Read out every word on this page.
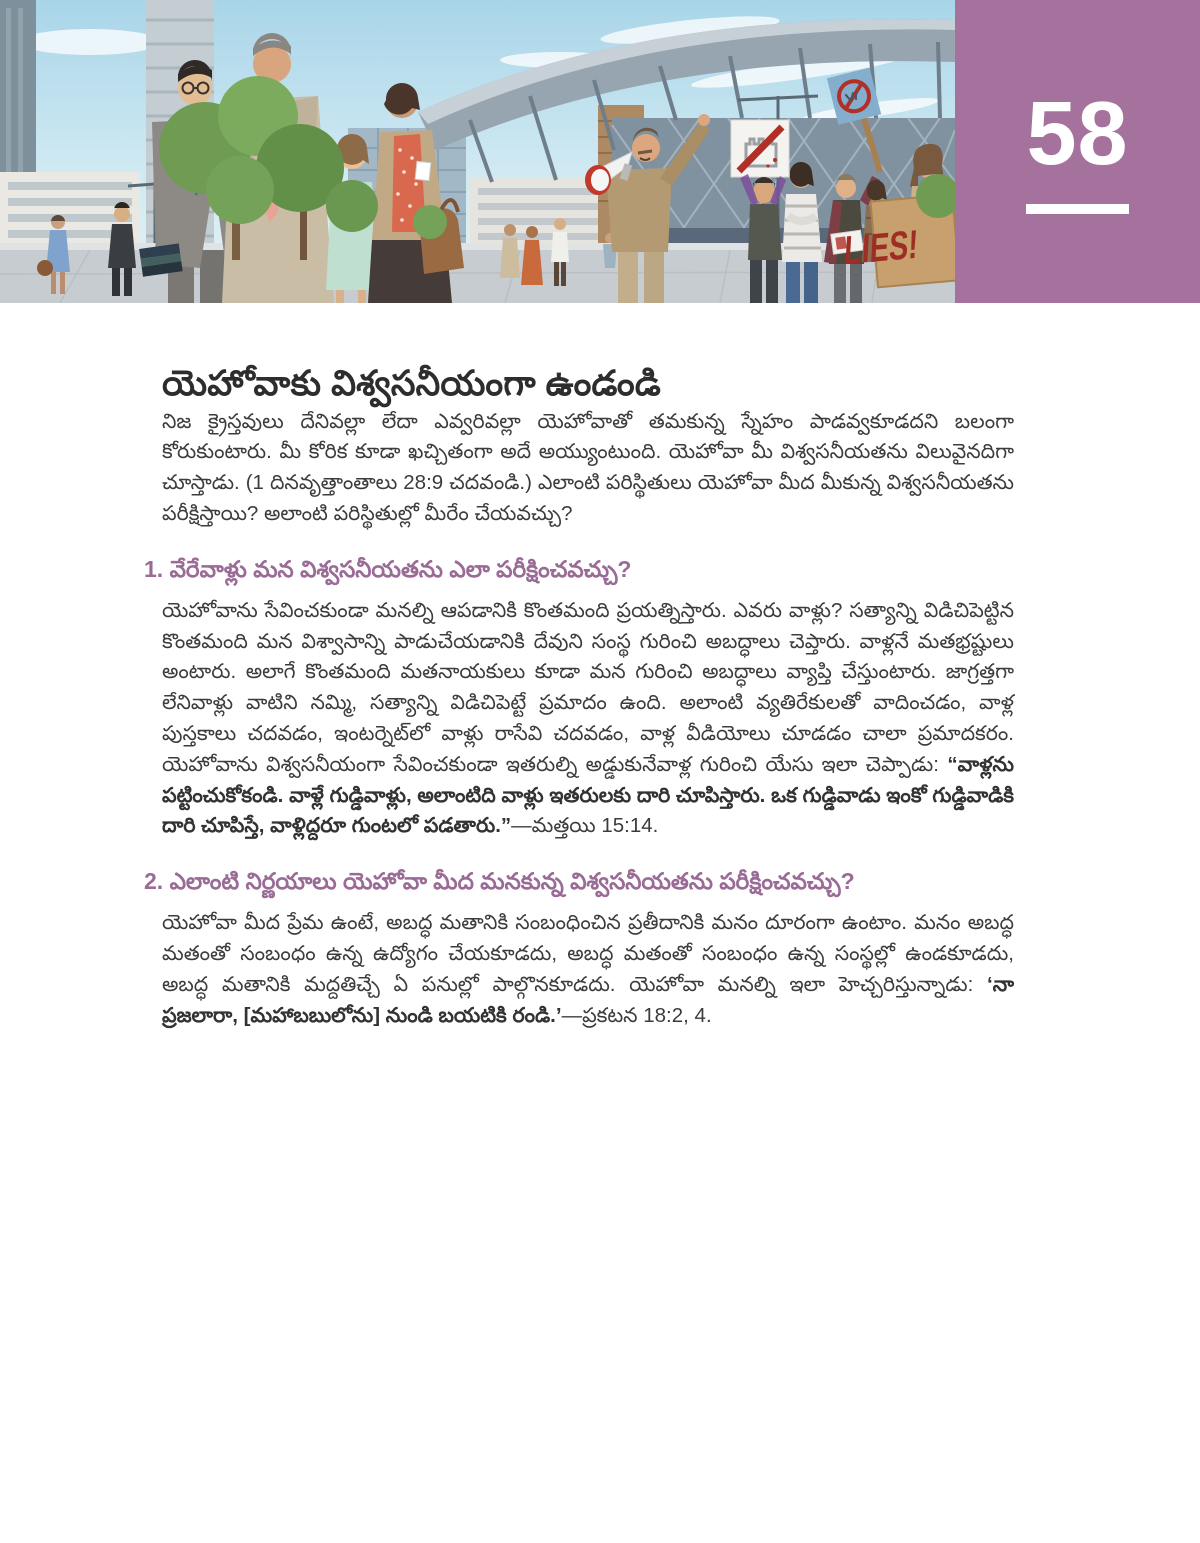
LIES!
58
యెహోవాకు విశ్వసనీయంగా ఉండండి

నిజ క్రైస్తవులు దేనివల్లా లేదా ఎవ్వరివల్లా యెహోవాతో తమకున్న స్నేహం పాడవ్వకూడదని బలంగా కోరుకుంటారు. మీ కోరిక కూడా ఖచ్చితంగా అదే అయ్యుంటుంది. యెహోవా మీ విశ్వసనీయతను విలువైనదిగా చూస్తాడు. (1 దినవృత్తాంతాలు 28:9 చదవండి.) ఎలాంటి పరిస్థితులు యెహోవా మీద మీకున్న విశ్వసనీయతను పరీక్షిస్తాయి? అలాంటి పరిస్థితుల్లో మీరేం చేయవచ్చు?

1. వేరేవాళ్లు మన విశ్వసనీయతను ఎలా పరీక్షించవచ్చు?

యెహోవాను సేవించకుండా మనల్ని ఆపడానికి కొంతమంది ప్రయత్నిస్తారు. ఎవరు వాళ్లు? సత్యాన్ని విడిచిపెట్టిన కొంతమంది మన విశ్వాసాన్ని పాడుచేయడానికి దేవుని సంస్థ గురించి అబద్ధాలు చెప్తారు. వాళ్లనే మతభ్రష్టులు అంటారు. అలాగే కొంతమంది మతనాయకులు కూడా మన గురించి అబద్ధాలు వ్యాప్తి చేస్తుంటారు. జాగ్రత్తగా లేనివాళ్లు వాటిని నమ్మి, సత్యాన్ని విడిచిపెట్టే ప్రమాదం ఉంది. అలాంటి వ్యతిరేకులతో వాదించడం, వాళ్ల పుస్తకాలు చదవడం, ఇంటర్నెట్‌లో వాళ్లు రాసేవి చదవడం, వాళ్ల వీడియోలు చూడడం చాలా ప్రమాదకరం. యెహోవాను విశ్వసనీయంగా సేవించకుండా ఇతరుల్ని అడ్డుకునేవాళ్ల గురించి యేసు ఇలా చెప్పాడు: “వాళ్లను పట్టించుకోకండి. వాళ్లే గుడ్డివాళ్లు, అలాంటిది వాళ్లు ఇతరులకు దారి చూపిస్తారు. ఒక గుడ్డివాడు ఇంకో గుడ్డివాడికి దారి చూపిస్తే, వాళ్లిద్దరూ గుంటలో పడతారు.”—మత్తయి 15:14.

2. ఎలాంటి నిర్ణయాలు యెహోవా మీద మనకున్న విశ్వసనీయతను పరీక్షించవచ్చు?

యెహోవా మీద ప్రేమ ఉంటే, అబద్ధ మతానికి సంబంధించిన ప్రతీదానికి మనం దూరంగా ఉంటాం. మనం అబద్ధ మతంతో సంబంధం ఉన్న ఉద్యోగం చేయకూడదు, అబద్ధ మతంతో సంబంధం ఉన్న సంస్థల్లో ఉండకూడదు, అబద్ధ మతానికి మద్దతిచ్చే ఏ పనుల్లో పాల్గొనకూడదు. యెహోవా మనల్ని ఇలా హెచ్చరిస్తున్నాడు: ‘నా ప్రజలారా, [మహాబబులోను] నుండి బయటికి రండి.’—ప్రకటన 18:2, 4.
